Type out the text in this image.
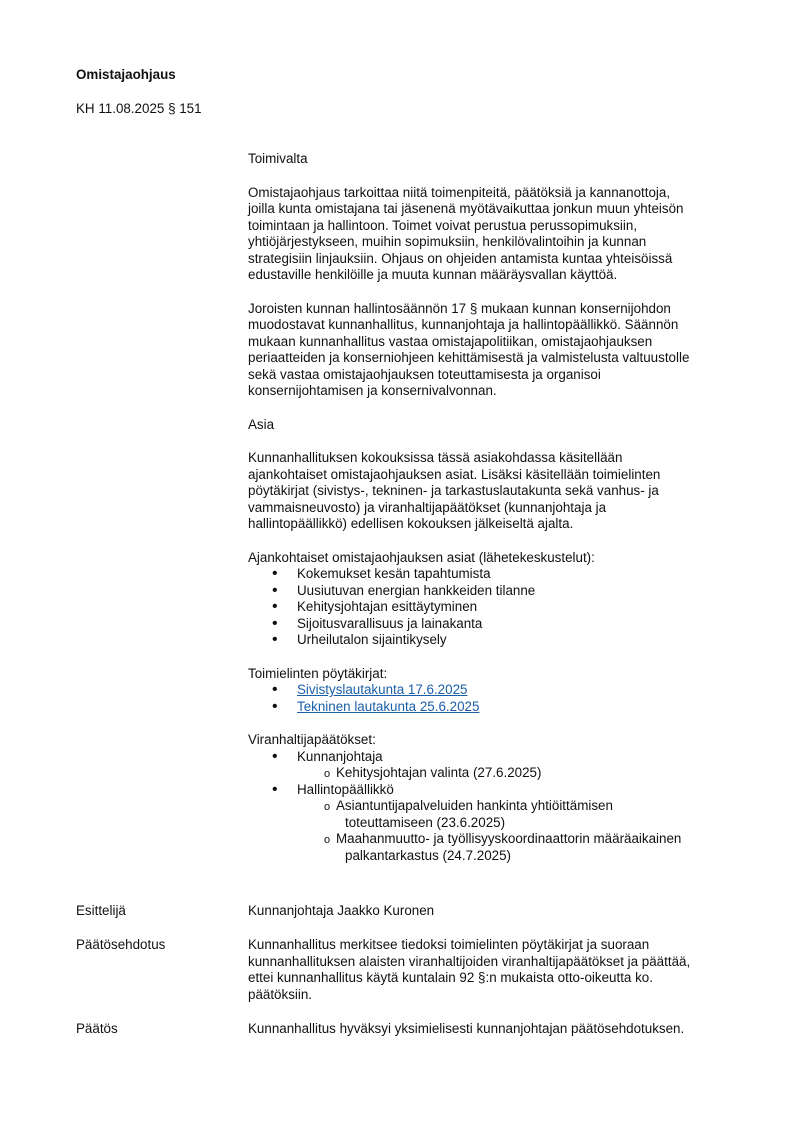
Omistajaohjaus
KH 11.08.2025 § 151

Toimivalta

Omistajaohjaus tarkoittaa niitä toimenpiteitä, päätöksiä ja kannanottoja,
joilla kunta omistajana tai jäsenenä myötävaikuttaa jonkun muun yhteisön
toimintaan ja hallintoon. Toimet voivat perustua perussopimuksiin,
yhtiöjärjestykseen, muihin sopimuksiin, henkilövalintoihin ja kunnan
strategisiin linjauksiin. Ohjaus on ohjeiden antamista kuntaa yhteisöissä
edustaville henkilöille ja muuta kunnan määräysvallan käyttöä.

Joroisten kunnan hallintosäännön 17 § mukaan kunnan konsernijohdon
muodostavat kunnanhallitus, kunnanjohtaja ja hallintopäällikkö. Säännön
mukaan kunnanhallitus vastaa omistajapolitiikan, omistajaohjauksen
periaatteiden ja konserniohjeen kehittämisestä ja valmistelusta valtuustolle
sekä vastaa omistajaohjauksen toteuttamisesta ja organisoi
konsernijohtamisen ja konsernivalvonnan.

Asia

Kunnanhallituksen kokouksissa tässä asiakohdassa käsitellään
ajankohtaiset omistajaohjauksen asiat. Lisäksi käsitellään toimielinten
pöytäkirjat (sivistys-, tekninen- ja tarkastuslautakunta sekä vanhus- ja
vammaisneuvosto) ja viranhaltijapäätökset (kunnanjohtaja ja
hallintopäällikkö) edellisen kokouksen jälkeiseltä ajalta.

Ajankohtaiset omistajaohjauksen asiat (lähetekeskustelut):
• Kokemukset kesän tapahtumista
• Uusiutuvan energian hankkeiden tilanne
• Kehitysjohtajan esittäytyminen
• Sijoitusvarallisuus ja lainakanta
• Urheilutalon sijaintikysely
Toimielinten pöytäkirjat:
• Sivistyslautakunta 17.6.2025
• Tekninen lautakunta 25.6.2025
Viranhaltijapäätökset:
• Kunnanjohtaja
o Kehitysjohtajan valinta (27.6.2025)
• Hallintopäällikkö
o Asiantuntijapalveluiden hankinta yhtiöittämisen
toteuttamiseen (23.6.2025)
o Maahanmuutto- ja työllisyyskoordinaattorin määräaikainen
palkantarkastus (24.7.2025)
Esittelijä	Kunnanjohtaja Jaakko Kuronen
Päätösehdotus	Kunnanhallitus merkitsee tiedoksi toimielinten pöytäkirjat ja suoraan
kunnanhallituksen alaisten viranhaltijoiden viranhaltijapäätökset ja päättää,
ettei kunnanhallitus käytä kuntalain 92 §:n mukaista otto-oikeutta ko.
päätöksiin.
Päätös	Kunnanhallitus hyväksyi yksimielisesti kunnanjohtajan päätösehdotuksen.
